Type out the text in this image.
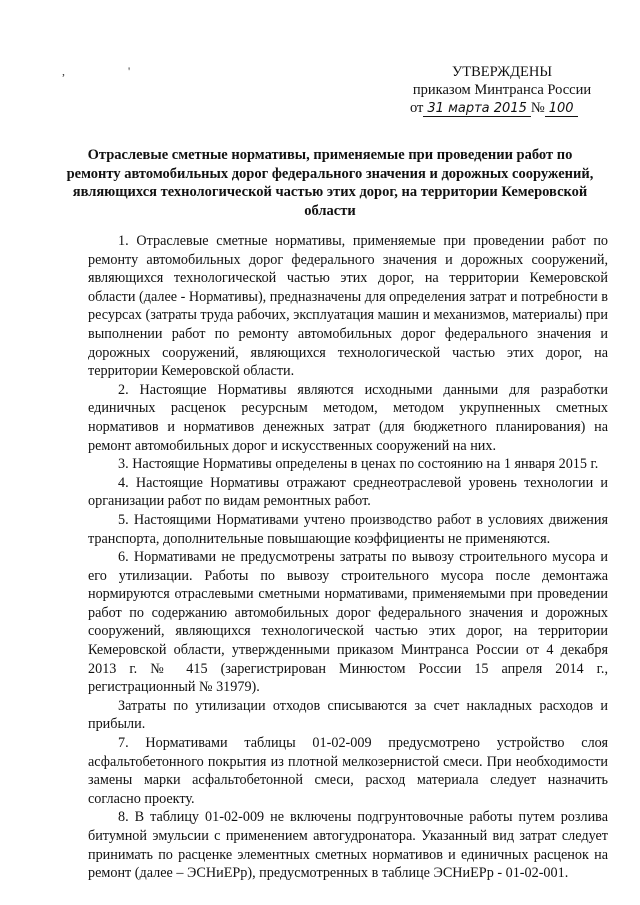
, '	УТВЕРЖДЕНЫ
приказом Минтранса России
от 31 марта 2015 № 100
Отраслевые сметные нормативы, применяемые при проведении работ по ремонту автомобильных дорог федерального значения и дорожных сооружений, являющихся технологической частью этих дорог, на территории Кемеровской области

1. Отраслевые сметные нормативы, применяемые при проведении работ по ремонту автомобильных дорог федерального значения и дорожных сооружений, являющихся технологической частью этих дорог, на территории Кемеровской области (далее - Нормативы), предназначены для определения затрат и потребности в ресурсах (затраты труда рабочих, эксплуатация машин и механизмов, материалы) при выполнении работ по ремонту автомобильных дорог федерального значения и дорожных сооружений, являющихся технологической частью этих дорог, на территории Кемеровской области.

2. Настоящие Нормативы являются исходными данными для разработки единичных расценок ресурсным методом, методом укрупненных сметных нормативов и нормативов денежных затрат (для бюджетного планирования) на ремонт автомобильных дорог и искусственных сооружений на них.

3. Настоящие Нормативы определены в ценах по состоянию на 1 января 2015 г.

4. Настоящие Нормативы отражают среднеотраслевой уровень технологии и организации работ по видам ремонтных работ.

5. Настоящими Нормативами учтено производство работ в условиях движения транспорта, дополнительные повышающие коэффициенты не применяются.

6. Нормативами не предусмотрены затраты по вывозу строительного мусора и его утилизации. Работы по вывозу строительного мусора после демонтажа нормируются отраслевыми сметными нормативами, применяемыми при проведении работ по содержанию автомобильных дорог федерального значения и дорожных сооружений, являющихся технологической частью этих дорог, на территории Кемеровской области, утвержденными приказом Минтранса России от 4 декабря 2013 г. № 415 (зарегистрирован Минюстом России 15 апреля 2014 г., регистрационный № 31979).

Затраты по утилизации отходов списываются за счет накладных расходов и прибыли.

7. Нормативами таблицы 01-02-009 предусмотрено устройство слоя асфальтобетонного покрытия из плотной мелкозернистой смеси. При необходимости замены марки асфальтобетонной смеси, расход материала следует назначить согласно проекту.

8. В таблицу 01-02-009 не включены подгрунтовочные работы путем розлива битумной эмульсии с применением автогудронатора. Указанный вид затрат следует принимать по расценке элементных сметных нормативов и единичных расценок на ремонт (далее – ЭСНиЕРр), предусмотренных в таблице ЭСНиЕРр - 01-02-001.
